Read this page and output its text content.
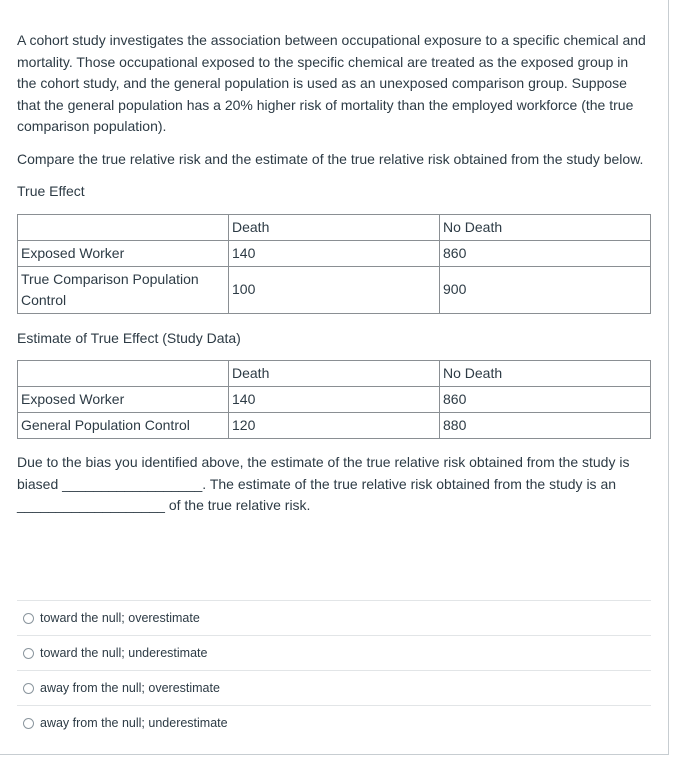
A cohort study investigates the association between occupational exposure to a specific chemical and mortality. Those occupational exposed to the specific chemical are treated as the exposed group in the cohort study, and the general population is used as an unexposed comparison group. Suppose that the general population has a 20% higher risk of mortality than the employed workforce (the true comparison population).

Compare the true relative risk and the estimate of the true relative risk obtained from the study below.

True Effect

	Death	No Death
Exposed Worker	140	860
True Comparison Population Control	100	900

Estimate of True Effect (Study Data)

	Death	No Death
Exposed Worker	140	860
General Population Control	120	880

Due to the bias you identified above, the estimate of the true relative risk obtained from the study is biased __________________. The estimate of the true relative risk obtained from the study is an ___________________ of the true relative risk.

toward the null; overestimate
toward the null; underestimate
away from the null; overestimate
away from the null; underestimate
